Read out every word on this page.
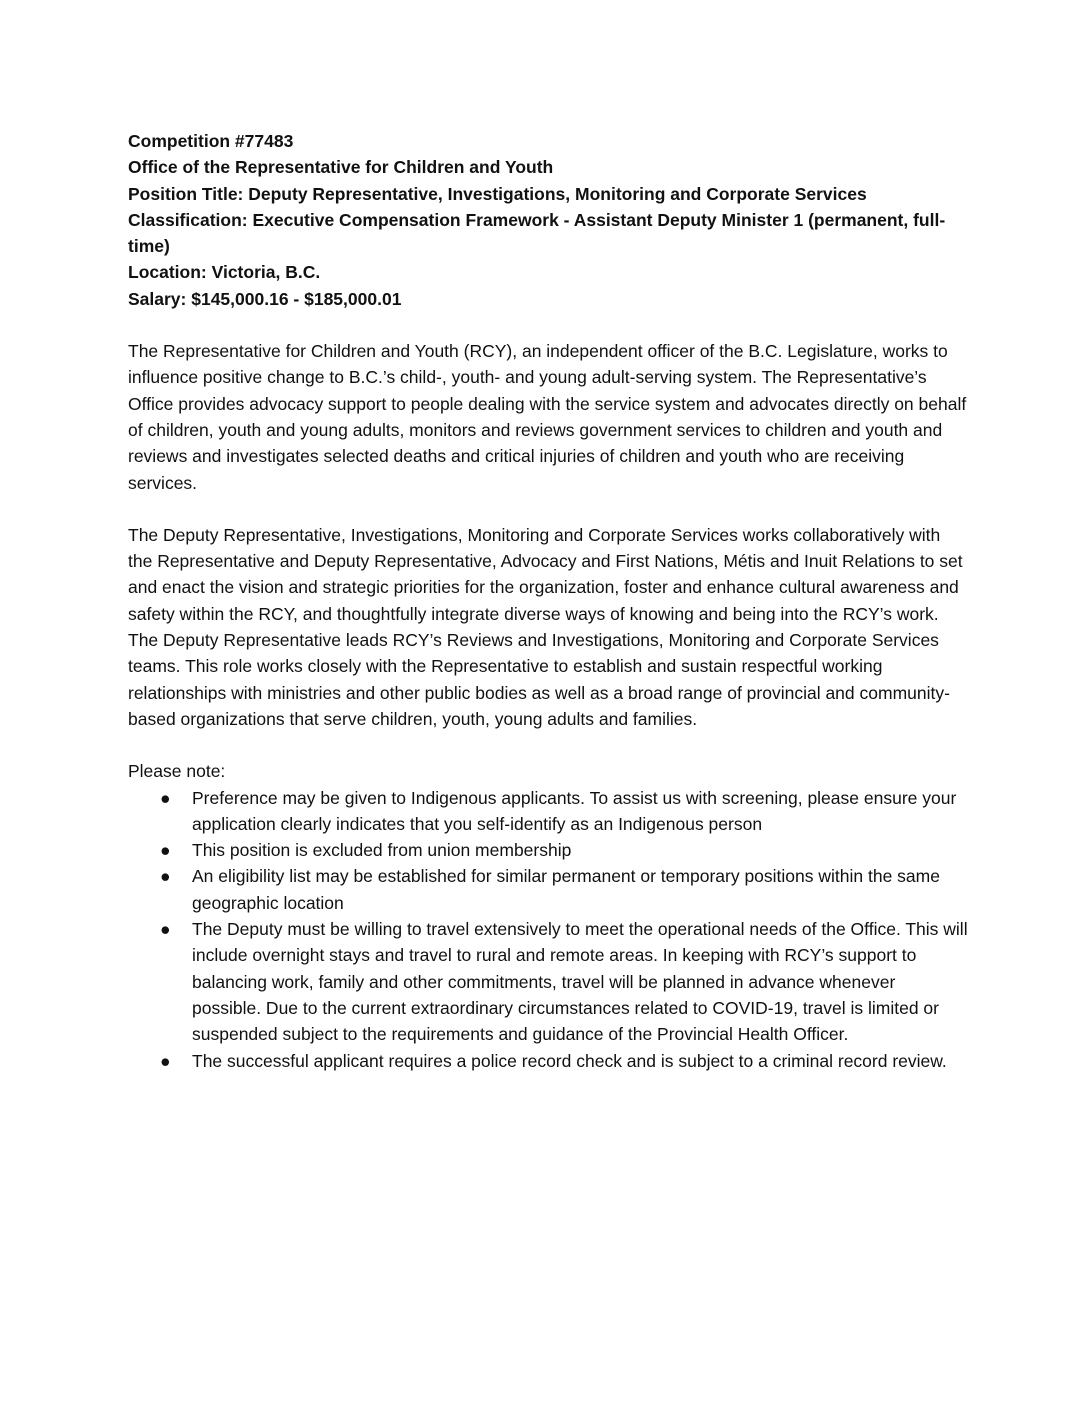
Competition #77483
Office of the Representative for Children and Youth
Position Title: Deputy Representative, Investigations, Monitoring and Corporate Services
Classification: Executive Compensation Framework - Assistant Deputy Minister 1 (permanent, full-time)
Location: Victoria, B.C.
Salary: $145,000.16 - $185,000.01

The Representative for Children and Youth (RCY), an independent officer of the B.C. Legislature, works to influence positive change to B.C.’s child-, youth- and young adult-serving system. The Representative’s Office provides advocacy support to people dealing with the service system and advocates directly on behalf of children, youth and young adults, monitors and reviews government services to children and youth and reviews and investigates selected deaths and critical injuries of children and youth who are receiving services.

The Deputy Representative, Investigations, Monitoring and Corporate Services works collaboratively with the Representative and Deputy Representative, Advocacy and First Nations, Métis and Inuit Relations to set and enact the vision and strategic priorities for the organization, foster and enhance cultural awareness and safety within the RCY, and thoughtfully integrate diverse ways of knowing and being into the RCY’s work. The Deputy Representative leads RCY’s Reviews and Investigations, Monitoring and Corporate Services teams. This role works closely with the Representative to establish and sustain respectful working relationships with ministries and other public bodies as well as a broad range of provincial and community-based organizations that serve children, youth, young adults and families.

Please note:
● Preference may be given to Indigenous applicants. To assist us with screening, please ensure your application clearly indicates that you self-identify as an Indigenous person
● This position is excluded from union membership
● An eligibility list may be established for similar permanent or temporary positions within the same geographic location
● The Deputy must be willing to travel extensively to meet the operational needs of the Office. This will include overnight stays and travel to rural and remote areas. In keeping with RCY’s support to balancing work, family and other commitments, travel will be planned in advance whenever possible. Due to the current extraordinary circumstances related to COVID-19, travel is limited or suspended subject to the requirements and guidance of the Provincial Health Officer.
● The successful applicant requires a police record check and is subject to a criminal record review.
